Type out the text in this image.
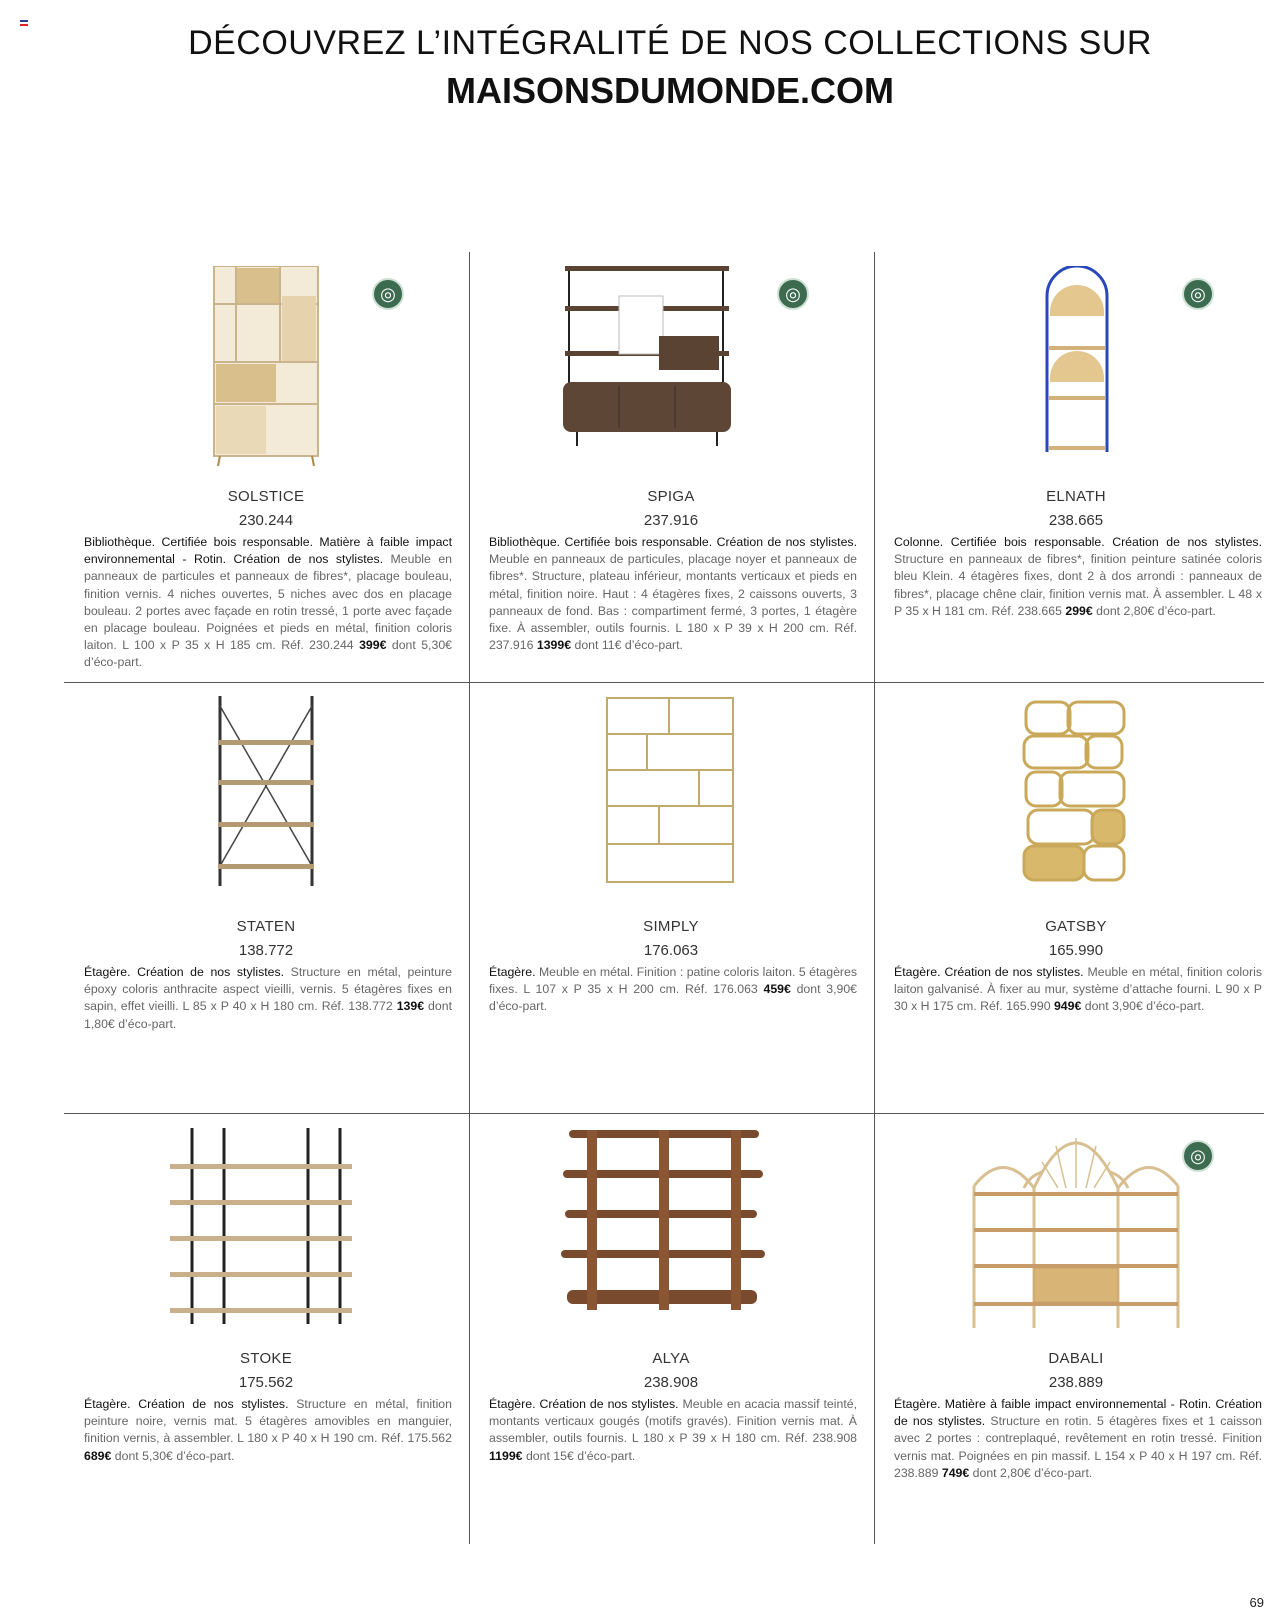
DÉCOUVREZ L’INTÉGRALITÉ DE NOS COLLECTIONS SUR
MAISONSDUMONDE.COM
◎
SOLSTICE
230.244
Bibliothèque. Certifiée bois responsable. Matière à faible impact environnemental - Rotin. Création de nos stylistes. Meuble en panneaux de particules et panneaux de fibres*, placage bouleau, finition vernis. 4 niches ouvertes, 5 niches avec dos en placage bouleau. 2 portes avec façade en rotin tressé, 1 porte avec façade en placage bouleau. Poignées et pieds en métal, finition coloris laiton. L 100 x P 35 x H 185 cm. Réf. 230.244 399€ dont 5,30€ d’éco-part.
◎
SPIGA
237.916
Bibliothèque. Certifiée bois responsable. Création de nos stylistes. Meuble en panneaux de particules, placage noyer et panneaux de fibres*. Structure, plateau inférieur, montants verticaux et pieds en métal, finition noire. Haut : 4 étagères fixes, 2 caissons ouverts, 3 panneaux de fond. Bas : compartiment fermé, 3 portes, 1 étagère fixe. À assembler, outils fournis. L 180 x P 39 x H 200 cm. Réf. 237.916 1399€ dont 11€ d’éco-part.
◎
ELNATH
238.665
Colonne. Certifiée bois responsable. Création de nos stylistes. Structure en panneaux de fibres*, finition peinture satinée coloris bleu Klein. 4 étagères fixes, dont 2 à dos arrondi : panneaux de fibres*, placage chêne clair, finition vernis mat. À assembler. L 48 x P 35 x H 181 cm. Réf. 238.665 299€ dont 2,80€ d’éco-part.
STATEN
138.772
Étagère. Création de nos stylistes. Structure en métal, peinture époxy coloris anthracite aspect vieilli, vernis. 5 étagères fixes en sapin, effet vieilli. L 85 x P 40 x H 180 cm. Réf. 138.772 139€ dont 1,80€ d’éco-part.
SIMPLY
176.063
Étagère. Meuble en métal. Finition : patine coloris laiton. 5 étagères fixes. L 107 x P 35 x H 200 cm. Réf. 176.063 459€ dont 3,90€ d’éco-part.
GATSBY
165.990
Étagère. Création de nos stylistes. Meuble en métal, finition coloris laiton galvanisé. À fixer au mur, système d’attache fourni. L 90 x P 30 x H 175 cm. Réf. 165.990 949€ dont 3,90€ d’éco-part.
STOKE
175.562
Étagère. Création de nos stylistes. Structure en métal, finition peinture noire, vernis mat. 5 étagères amovibles en manguier, finition vernis, à assembler. L 180 x P 40 x H 190 cm. Réf. 175.562 689€ dont 5,30€ d’éco-part.
ALYA
238.908
Étagère. Création de nos stylistes. Meuble en acacia massif teinté, montants verticaux gougés (motifs gravés). Finition vernis mat. À assembler, outils fournis. L 180 x P 39 x H 180 cm. Réf. 238.908 1199€ dont 15€ d’éco-part.
◎
DABALI
238.889
Étagère. Matière à faible impact environnemental - Rotin. Création de nos stylistes. Structure en rotin. 5 étagères fixes et 1 caisson avec 2 portes : contreplaqué, revêtement en rotin tressé. Finition vernis mat. Poignées en pin massif. L 154 x P 40 x H 197 cm. Réf. 238.889 749€ dont 2,80€ d’éco-part.
69
